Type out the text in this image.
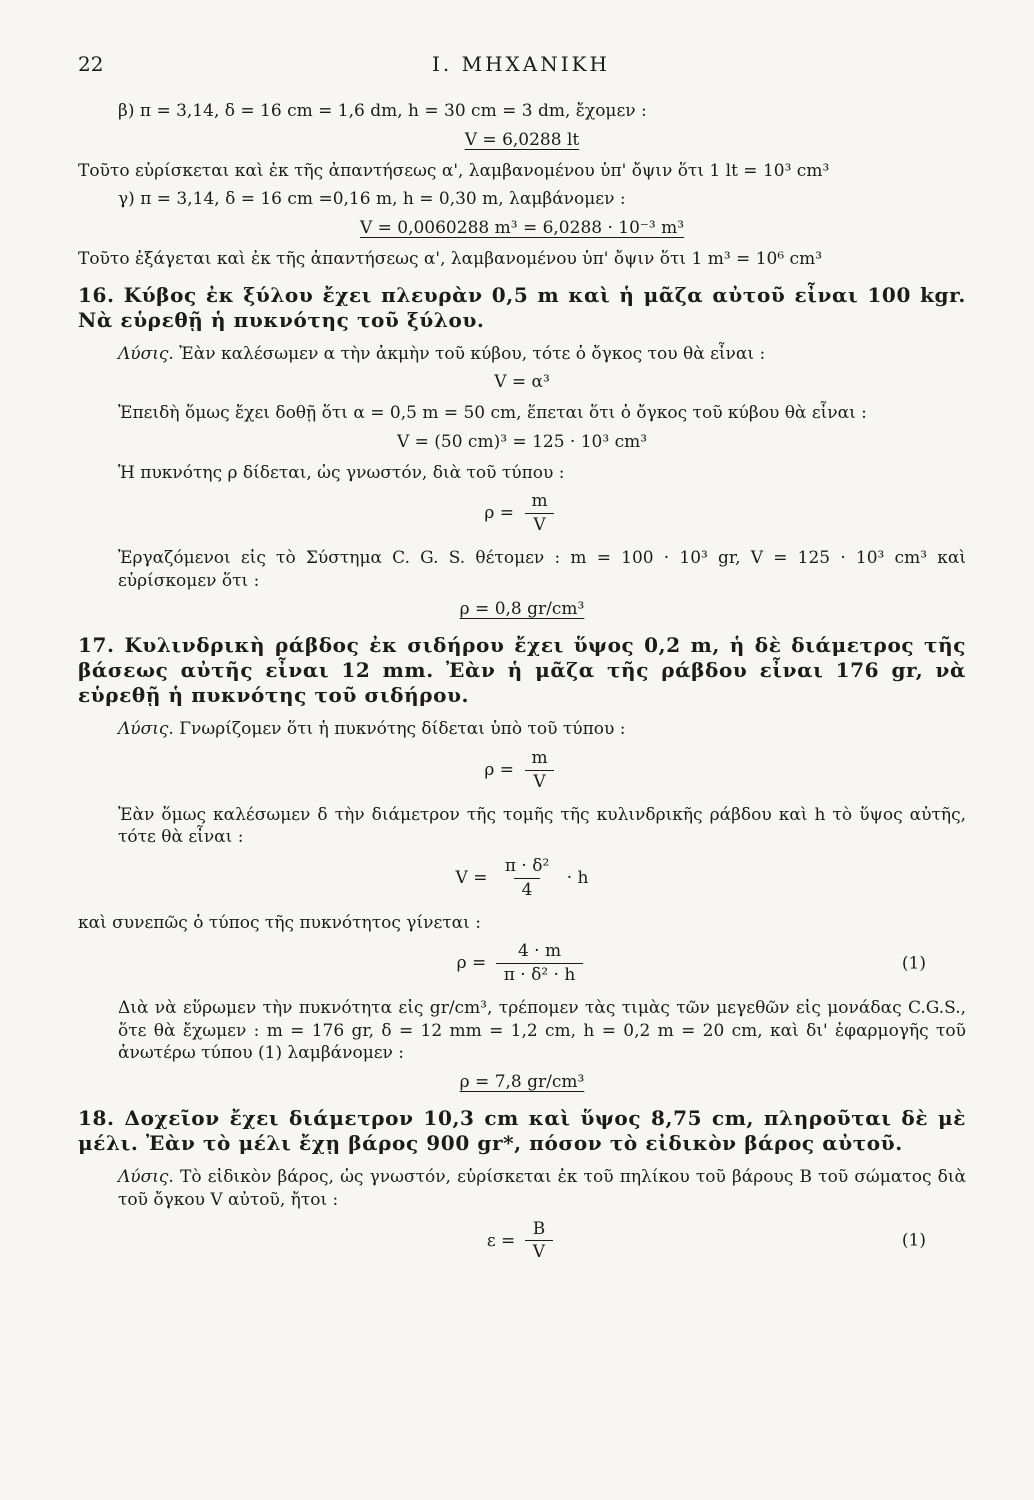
22	I. ΜΗΧΑΝΙΚΗ

β) π = 3,14, δ = 16 cm = 1,6 dm, h = 30 cm = 3 dm, ἔχομεν :

V = 6,0288 lt

Τοῦτο εὑρίσκεται καὶ ἐκ τῆς ἀπαντήσεως α', λαμβανομένου ὑπ' ὄψιν ὅτι 1 lt = 10³ cm³

γ) π = 3,14, δ = 16 cm =0,16 m, h = 0,30 m, λαμβάνομεν :

V = 0,0060288 m³ = 6,0288 · 10⁻³ m³

Τοῦτο ἐξάγεται καὶ ἐκ τῆς ἀπαντήσεως α', λαμβανομένου ὑπ' ὄψιν ὅτι 1 m³ = 10⁶ cm³

16. Κύβος ἐκ ξύλου ἔχει πλευρὰν 0,5 m καὶ ἡ μᾶζα αὐτοῦ εἶναι 100 kgr. Νὰ εὑρεθῇ ἡ πυκνότης τοῦ ξύλου.

Λύσις. Ἐὰν καλέσωμεν α τὴν ἀκμὴν τοῦ κύβου, τότε ὁ ὄγκος του θὰ εἶναι :

V = α³

Ἐπειδὴ ὅμως ἔχει δοθῇ ὅτι α = 0,5 m = 50 cm, ἕπεται ὅτι ὁ ὄγκος τοῦ κύβου θὰ εἶναι :

V = (50 cm)³ = 125 · 10³ cm³

Ἡ πυκνότης ρ δίδεται, ὡς γνωστόν, διὰ τοῦ τύπου :

$\rho = \frac{m}{V}$

Ἐργαζόμενοι εἰς τὸ Σύστημα C. G. S. θέτομεν : m = 100 · 10³ gr, V = 125 · 10³ cm³ καὶ εὑρίσκομεν ὅτι :

ρ = 0,8 gr/cm³
17. Κυλινδρικὴ ράβδος ἐκ σιδήρου ἔχει ὕψος 0,2 m, ἡ δὲ διάμετρος τῆς βάσεως αὐτῆς εἶναι 12 mm. Ἐὰν ἡ μᾶζα τῆς ράβδου εἶναι 176 gr, νὰ εὑρεθῇ ἡ πυκνότης τοῦ σιδήρου.

Λύσις. Γνωρίζομεν ὅτι ἡ πυκνότης δίδεται ὑπὸ τοῦ τύπου :

$\rho = \frac{m}{V}$

Ἐὰν ὅμως καλέσωμεν δ τὴν διάμετρον τῆς τομῆς τῆς κυλινδρικῆς ράβδου καὶ h τὸ ὕψος αὐτῆς, τότε θὰ εἶναι :

$V = \frac{\text{π · δ²}}{4} \cdot h$

καὶ συνεπῶς ὁ τύπος τῆς πυκνότητος γίνεται :

$\rho = \frac{4 \cdot m}{\text{π · δ² · h}}$	(1)

Διὰ νὰ εὕρωμεν τὴν πυκνότητα εἰς gr/cm³, τρέπομεν τὰς τιμὰς τῶν μεγεθῶν εἰς μονάδας C.G.S., ὅτε θὰ ἔχωμεν : m = 176 gr, δ = 12 mm = 1,2 cm, h = 0,2 m = 20 cm, καὶ δι' ἐφαρμογῆς τοῦ ἀνωτέρω τύπου (1) λαμβάνομεν :

ρ = 7,8 gr/cm³
18. Δοχεῖον ἔχει διάμετρον 10,3 cm καὶ ὕψος 8,75 cm, πληροῦται δὲ μὲ μέλι. Ἐὰν τὸ μέλι ἔχῃ βάρος 900 gr*, πόσον τὸ εἰδικὸν βάρος αὐτοῦ.

Λύσις. Τὸ εἰδικὸν βάρος, ὡς γνωστόν, εὑρίσκεται ἐκ τοῦ πηλίκου τοῦ βάρους B τοῦ σώματος διὰ τοῦ ὄγκου V αὐτοῦ, ἤτοι :

$\varepsilon = \frac{B}{V}$	(1)
